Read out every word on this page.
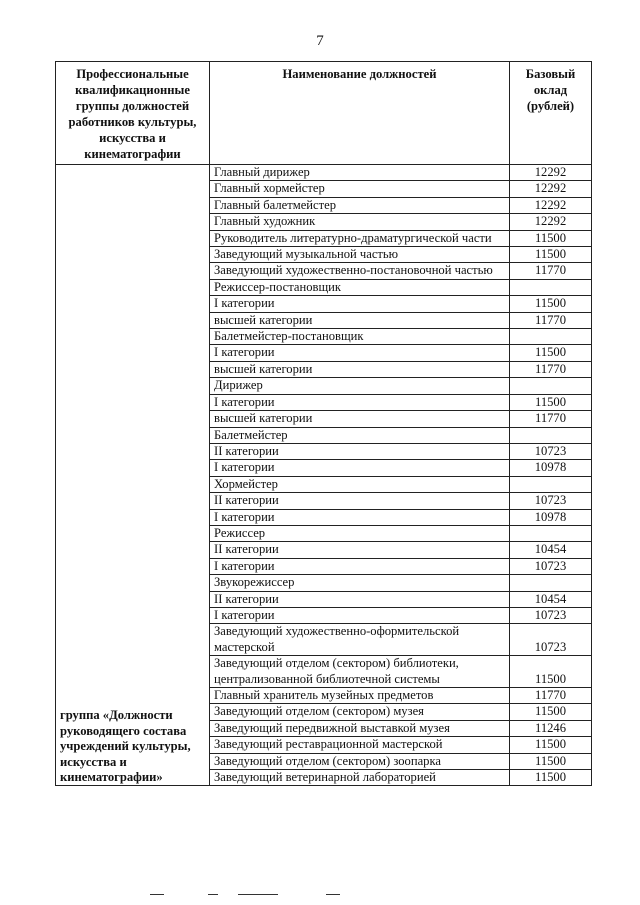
7
Профессиональные квалификационные группы должностей работников культуры, искусства и кинематографии	Наименование должностей	Базовый оклад (рублей)
группа «Должности руководящего состава учреждений культуры, искусства и кинематографии»	Главный дирижер	12292
	Главный хормейстер	12292
	Главный балетмейстер	12292
	Главный художник	12292
	Руководитель литературно-драматургической части	11500
	Заведующий музыкальной частью	11500
	Заведующий художественно-постановочной частью	11770
	Режиссер-постановщик	
	I категории	11500
	высшей категории	11770
	Балетмейстер-постановщик	
	I категории	11500
	высшей категории	11770
	Дирижер	
	I категории	11500
	высшей категории	11770
	Балетмейстер	
	II категории	10723
	I категории	10978
	Хормейстер	
	II категории	10723
	I категории	10978
	Режиссер	
	II категории	10454
	I категории	10723
	Звукорежиссер	
	II категории	10454
	I категории	10723
	Заведующий художественно-оформительской мастерской	10723
	Заведующий отделом (сектором) библиотеки, централизованной библиотечной системы	11500
	Главный хранитель музейных предметов	11770
	Заведующий отделом (сектором) музея	11500
	Заведующий передвижной выставкой музея	11246
	Заведующий реставрационной мастерской	11500
	Заведующий отделом (сектором) зоопарка	11500
	Заведующий ветеринарной лабораторией	11500
